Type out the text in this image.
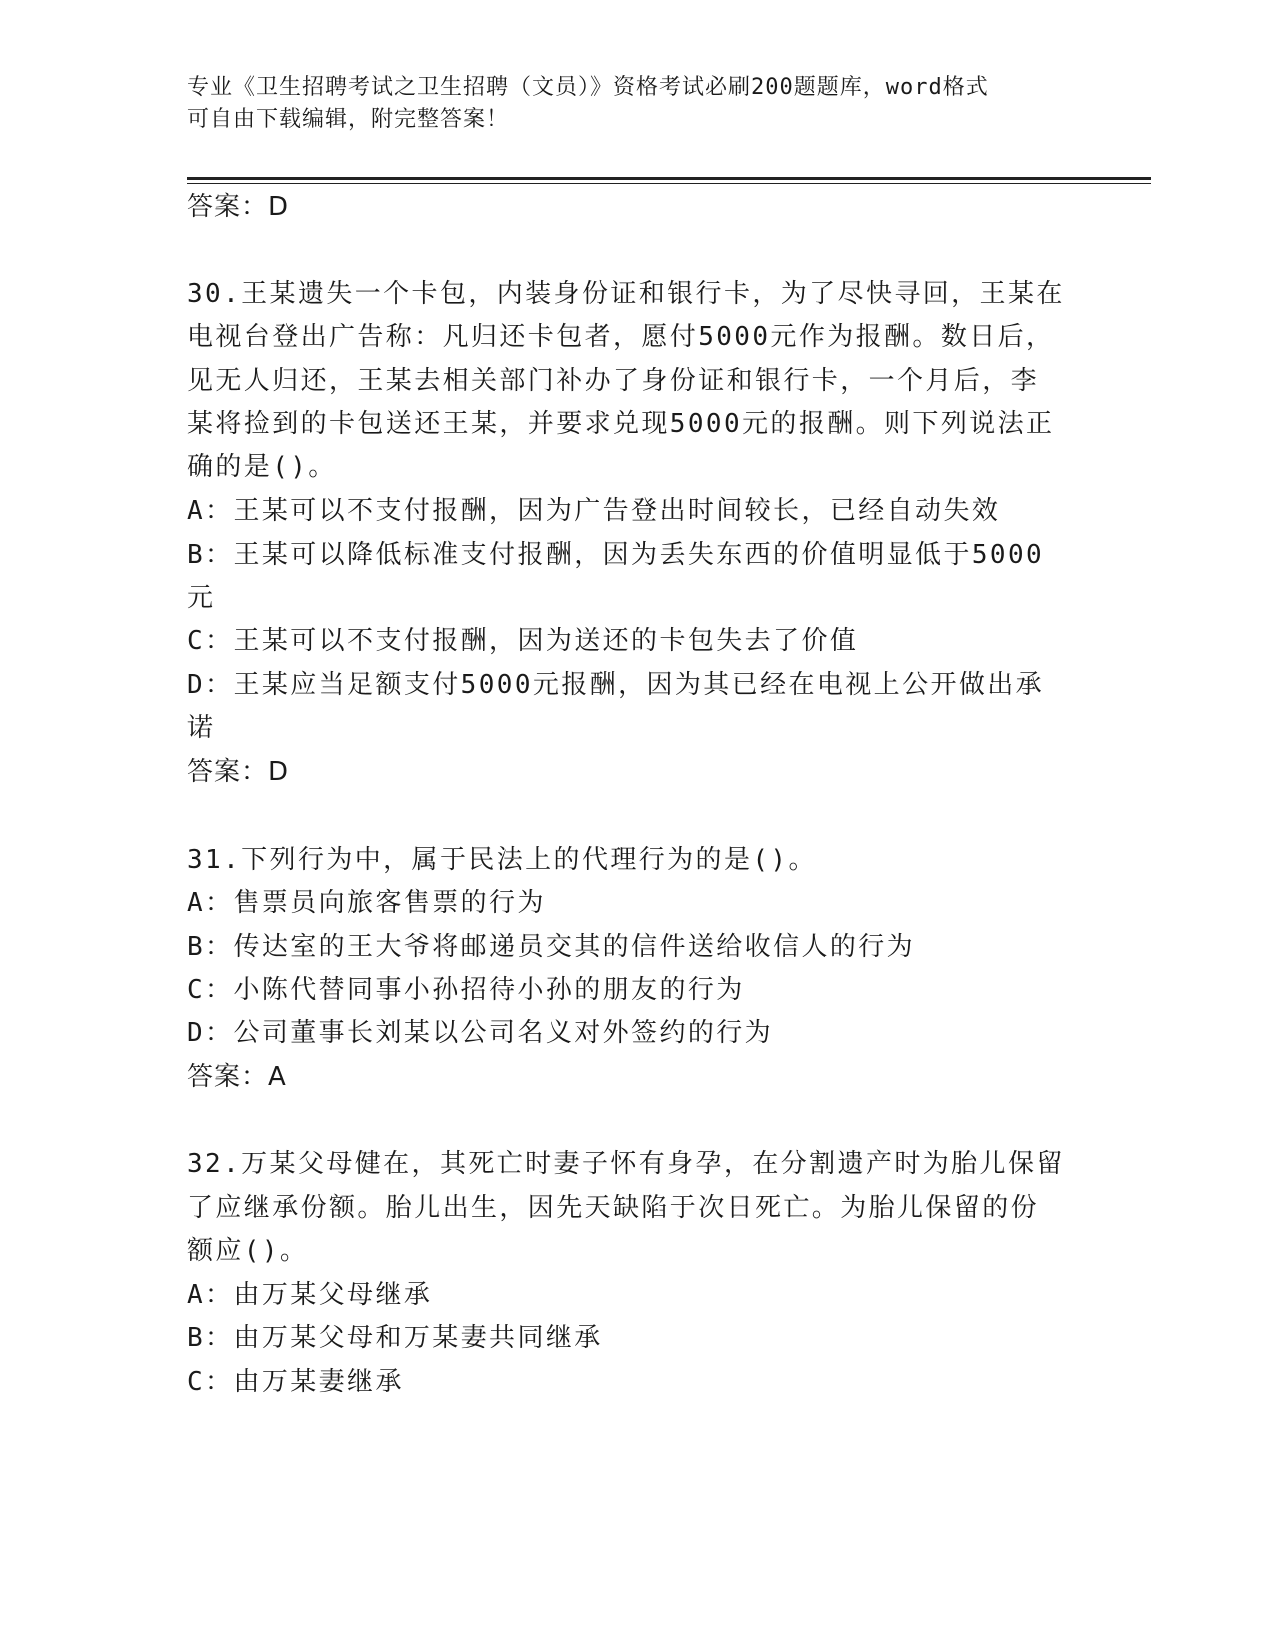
专业《卫生招聘考试之卫生招聘（文员）》资格考试必刷200题题库，word格式
可自由下载编辑，附完整答案！
答案：D
30.王某遗失一个卡包，内装身份证和银行卡，为了尽快寻回，王某在
电视台登出广告称：凡归还卡包者，愿付5000元作为报酬。数日后，
见无人归还，王某去相关部门补办了身份证和银行卡，一个月后，李
某将捡到的卡包送还王某，并要求兑现5000元的报酬。则下列说法正
确的是()。
A：王某可以不支付报酬，因为广告登出时间较长，已经自动失效
B：王某可以降低标准支付报酬，因为丢失东西的价值明显低于5000
元
C：王某可以不支付报酬，因为送还的卡包失去了价值
D：王某应当足额支付5000元报酬，因为其已经在电视上公开做出承
诺
答案：D
31.下列行为中，属于民法上的代理行为的是()。
A：售票员向旅客售票的行为
B：传达室的王大爷将邮递员交其的信件送给收信人的行为
C：小陈代替同事小孙招待小孙的朋友的行为
D：公司董事长刘某以公司名义对外签约的行为
答案：A
32.万某父母健在，其死亡时妻子怀有身孕，在分割遗产时为胎儿保留
了应继承份额。胎儿出生，因先天缺陷于次日死亡。为胎儿保留的份
额应()。
A：由万某父母继承
B：由万某父母和万某妻共同继承
C：由万某妻继承
